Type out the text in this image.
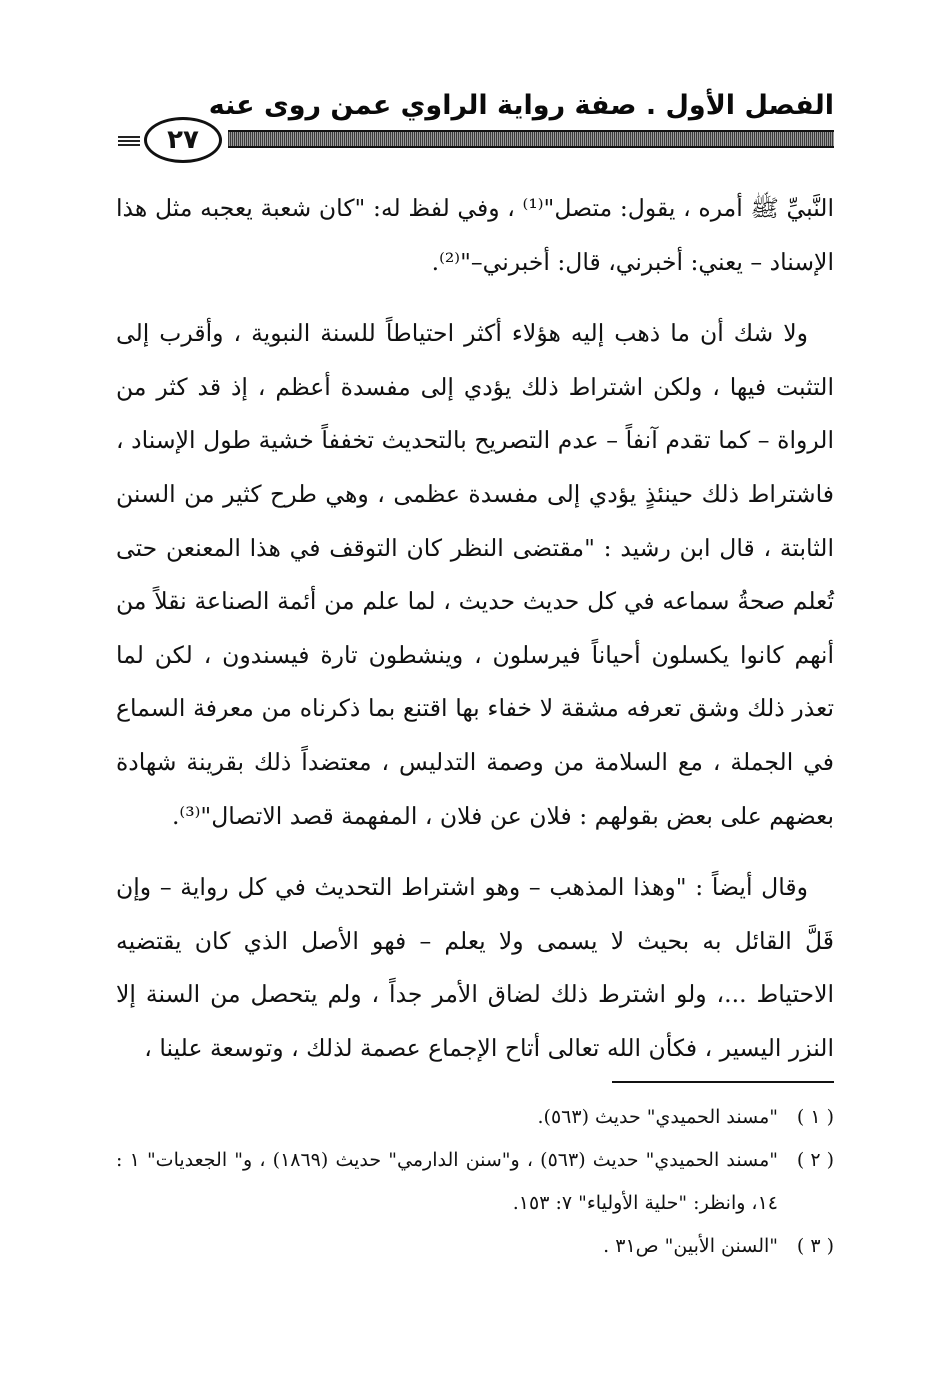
الفصل الأول . صفة رواية الراوي عمن روى عنه
٢٧

النَّبيِّ ﷺ أمره ، يقول: متصل"⁽¹⁾ ، وفي لفظ له: "كان شعبة يعجبه مثل هذا الإسناد – يعني: أخبرني، قال: أخبرني–"⁽²⁾.

ولا شك أن ما ذهب إليه هؤلاء أكثر احتياطاً للسنة النبوية ، وأقرب إلى التثبت فيها ، ولكن اشتراط ذلك يؤدي إلى مفسدة أعظم ، إذ قد كثر من الرواة – كما تقدم آنفاً – عدم التصريح بالتحديث تخففاً خشية طول الإسناد ، فاشتراط ذلك حينئذٍ يؤدي إلى مفسدة عظمى ، وهي طرح كثير من السنن الثابتة ، قال ابن رشيد : "مقتضى النظر كان التوقف في هذا المعنعن حتى تُعلم صحةُ سماعه في كل حديث حديث ، لما علم من أئمة الصناعة نقلاً من أنهم كانوا يكسلون أحياناً فيرسلون ، وينشطون تارة فيسندون ، لكن لما تعذر ذلك وشق تعرفه مشقة لا خفاء بها اقتنع بما ذكرناه من معرفة السماع في الجملة ، مع السلامة من وصمة التدليس ، معتضداً ذلك بقرينة شهادة بعضهم على بعض بقولهم : فلان عن فلان ، المفهمة قصد الاتصال"⁽³⁾.

وقال أيضاً : "وهذا المذهب – وهو اشتراط التحديث في كل رواية – وإن قَلَّ القائل به بحيث لا يسمى ولا يعلم – فهو الأصل الذي كان يقتضيه الاحتياط ...، ولو اشترط ذلك لضاق الأمر جداً ، ولم يتحصل من السنة إلا النزر اليسير ، فكأن الله تعالى أتاح الإجماع عصمة لذلك ، وتوسعة علينا ،

( ١ )
"مسند الحميدي" حديث (٥٦٣).
( ٢ )
"مسند الحميدي" حديث (٥٦٣) ، و"سنن الدارمي" حديث (١٨٦٩) ، و" الجعديات" ١ : ١٤، وانظر: "حلية الأولياء" ٧: ١٥٣.
( ٣ )
"السنن الأبين" ص٣١ .
